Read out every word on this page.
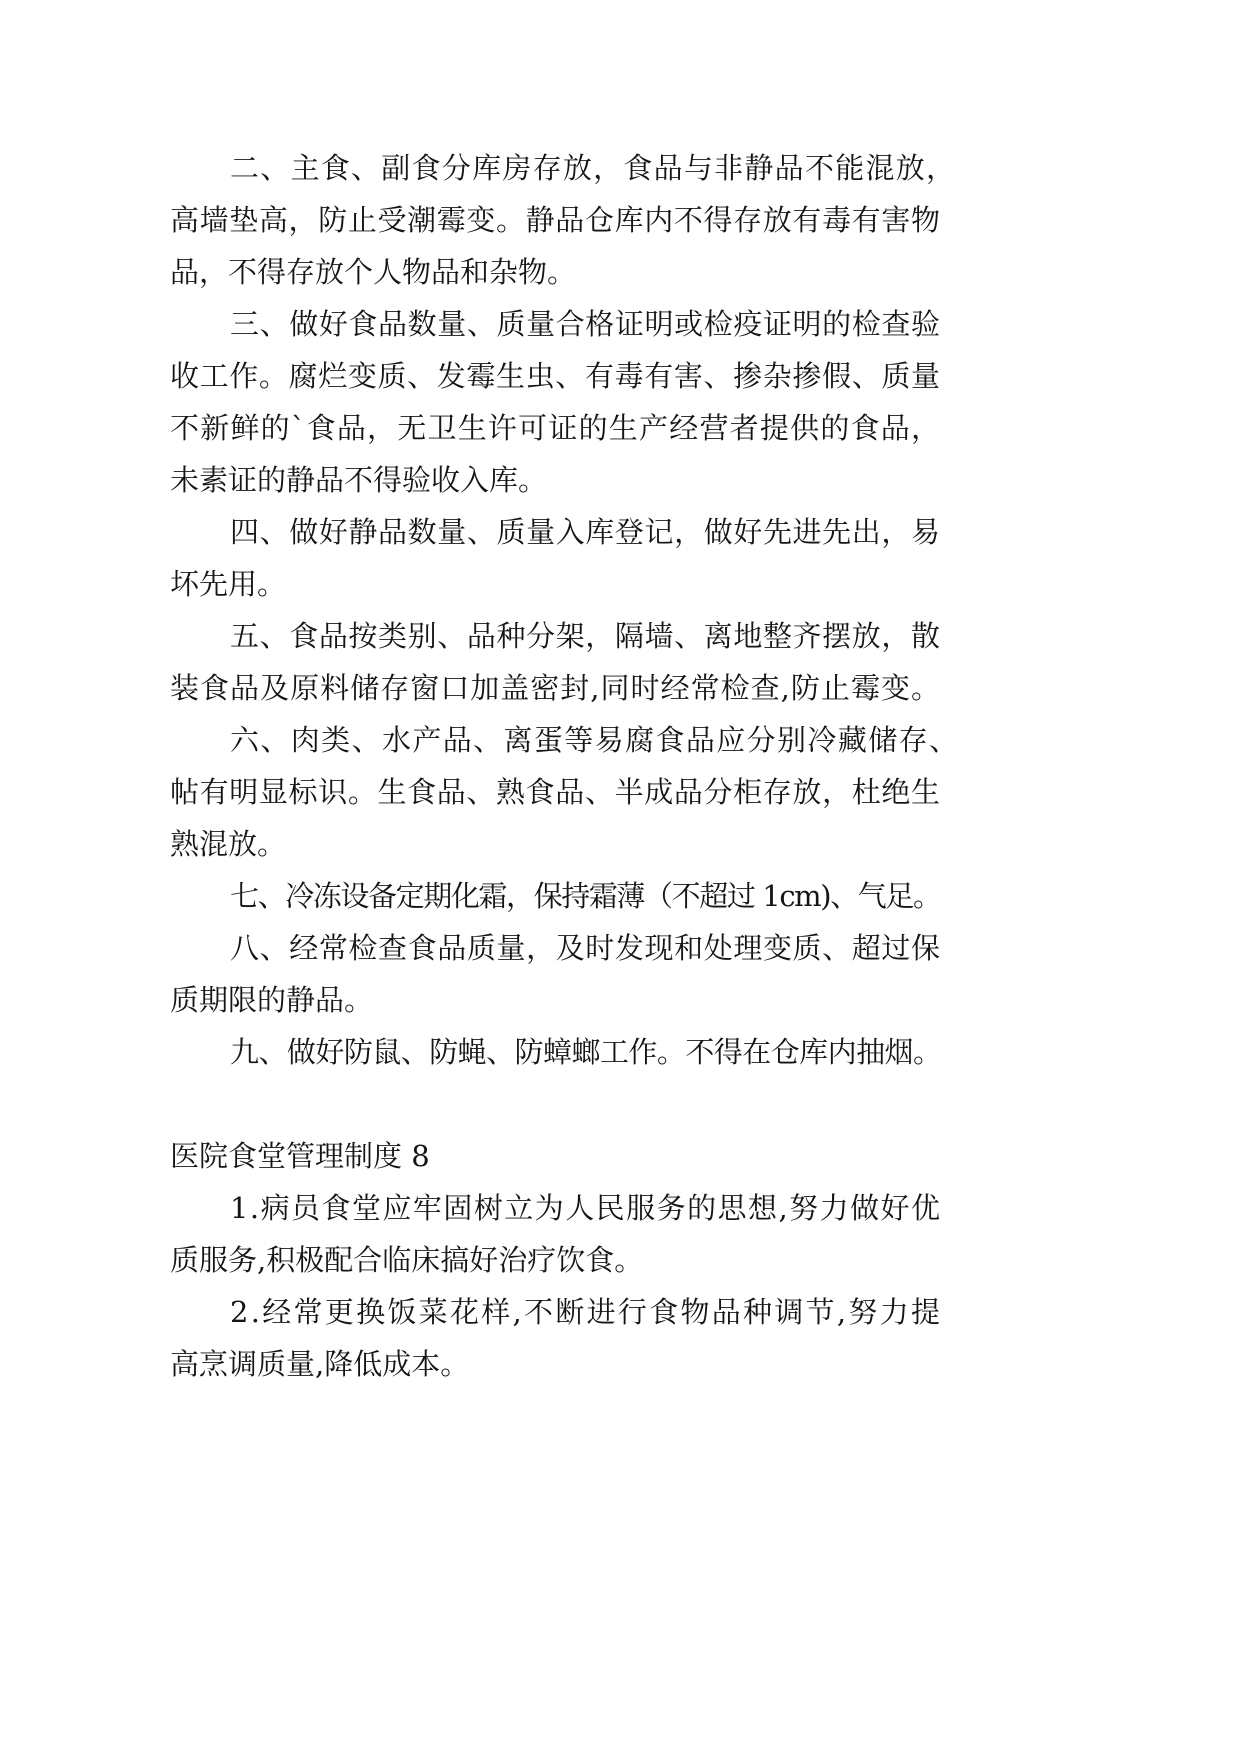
二、主食、副食分库房存放，食品与非静品不能混放，
高墙垫高，防止受潮霉变。静品仓库内不得存放有毒有害物
品，不得存放个人物品和杂物。
三、做好食品数量、质量合格证明或检疫证明的检查验
收工作。腐烂变质、发霉生虫、有毒有害、掺杂掺假、质量
不新鲜的`食品，无卫生许可证的生产经营者提供的食品，
未素证的静品不得验收入库。
四、做好静品数量、质量入库登记，做好先进先出，易
坏先用。
五、食品按类别、品种分架，隔墙、离地整齐摆放，散
装食品及原料储存窗口加盖密封,同时经常检查,防止霉变。
六、肉类、水产品、离蛋等易腐食品应分别冷藏储存、
帖有明显标识。生食品、熟食品、半成品分柜存放，杜绝生
熟混放。
七、冷冻设备定期化霜，保持霜薄（不超过 1cm)、气足。
八、经常检查食品质量，及时发现和处理变质、超过保
质期限的静品。
九、做好防鼠、防蝇、防蟑螂工作。不得在仓库内抽烟。
医院食堂管理制度 8
1.病员食堂应牢固树立为人民服务的思想,努力做好优
质服务,积极配合临床搞好治疗饮食。
2.经常更换饭菜花样,不断进行食物品种调节,努力提
高烹调质量,降低成本。
